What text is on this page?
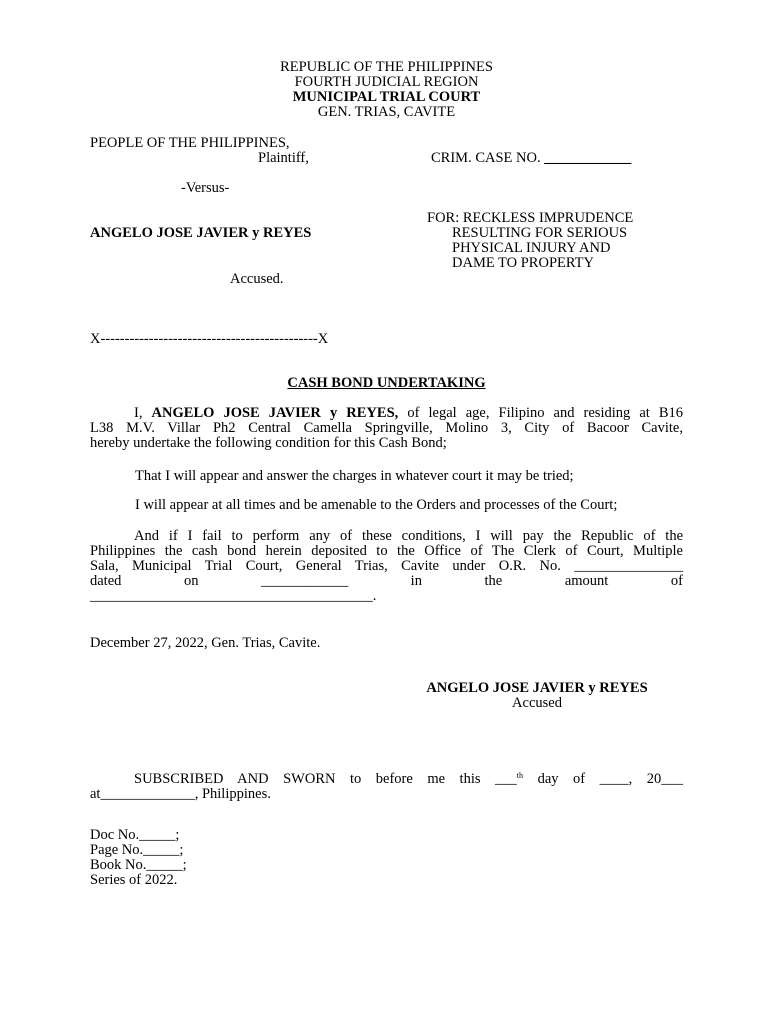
REPUBLIC OF THE PHILIPPINES
FOURTH JUDICIAL REGION
MUNICIPAL TRIAL COURT
GEN. TRIAS, CAVITE
PEOPLE OF THE PHILIPPINES,
Plaintiff,	CRIM. CASE NO. ____________
-Versus-
FOR: RECKLESS IMPRUDENCE
RESULTING FOR SERIOUS
PHYSICAL INJURY AND
DAME TO PROPERTY
ANGELO JOSE JAVIER y REYES
Accused.
X---------------------------------------------X
CASH BOND UNDERTAKING
I, ANGELO JOSE JAVIER y REYES, of legal age, Filipino and residing at B16
L38 M.V. Villar Ph2 Central Camella Springville, Molino 3, City of Bacoor Cavite,
hereby undertake the following condition for this Cash Bond;
That I will appear and answer the charges in whatever court it may be tried;
I will appear at all times and be amenable to the Orders and processes of the Court;
And if I fail to perform any of these conditions, I will pay the Republic of the
Philippines the cash bond herein deposited to the Office of The Clerk of Court, Multiple
Sala, Municipal Trial Court, General Trias, Cavite under O.R. No. _______________
dated on ____________ in the amount of
_______________________________________.
December 27, 2022, Gen. Trias, Cavite.
ANGELO JOSE JAVIER y REYES
Accused
SUBSCRIBED AND SWORN to before me this ___$^{th}$ day of ____, 20___
at_____________, Philippines.
Doc No._____;
Page No._____;
Book No._____;
Series of 2022.
